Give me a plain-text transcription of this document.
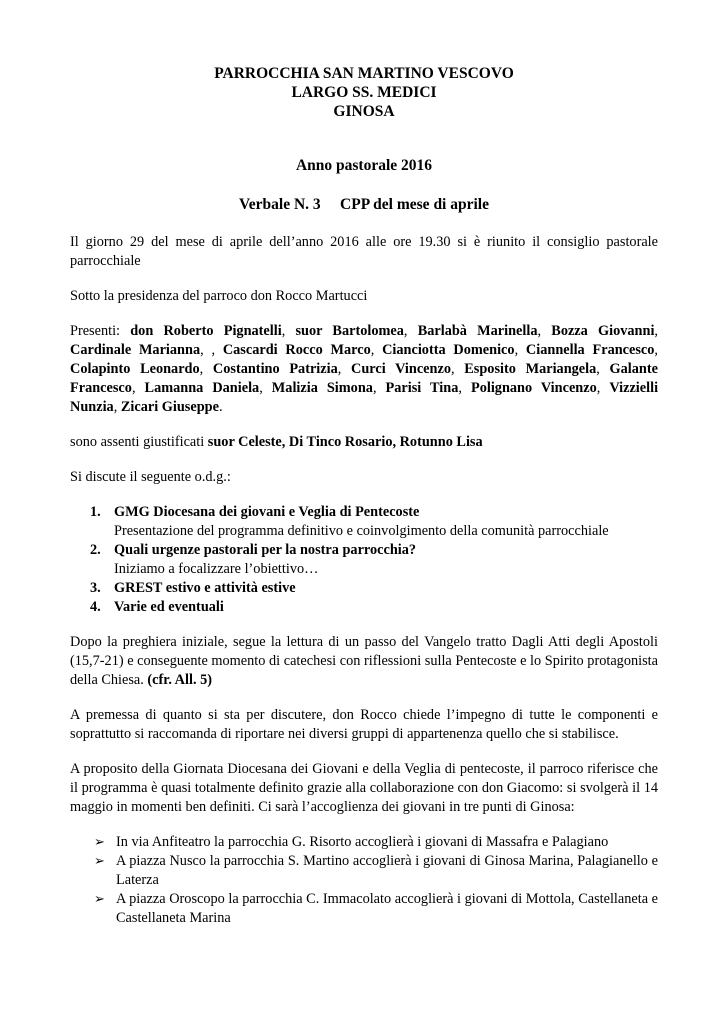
PARROCCHIA SAN MARTINO VESCOVO

LARGO SS. MEDICI

GINOSA

Anno pastorale 2016

Verbale N. 3     CPP del mese di aprile

Il giorno 29 del mese di aprile dell’anno 2016 alle ore 19.30 si è riunito il consiglio pastorale parrocchiale

Sotto la presidenza del parroco don Rocco Martucci

Presenti: don Roberto Pignatelli, suor Bartolomea, Barlabà Marinella, Bozza Giovanni, Cardinale Marianna, , Cascardi Rocco Marco, Cianciotta Domenico, Ciannella Francesco, Colapinto Leonardo, Costantino Patrizia, Curci Vincenzo, Esposito Mariangela, Galante Francesco, Lamanna Daniela, Malizia Simona, Parisi Tina, Polignano Vincenzo, Vizzielli Nunzia, Zicari Giuseppe.

sono assenti giustificati suor Celeste, Di Tinco Rosario, Rotunno Lisa

Si discute il seguente o.d.g.:

1. GMG Diocesana dei giovani e Veglia di Pentecoste
Presentazione del programma definitivo e coinvolgimento della comunità parrocchiale
2. Quali urgenze pastorali per la nostra parrocchia?
Iniziamo a focalizzare l’obiettivo…
3. GREST estivo e attività estive
4. Varie ed eventuali

Dopo la preghiera iniziale, segue la lettura di un passo del Vangelo tratto Dagli Atti degli Apostoli (15,7-21) e conseguente momento di catechesi con riflessioni sulla Pentecoste e lo Spirito protagonista della Chiesa. (cfr. All. 5)

A premessa di quanto si sta per discutere, don Rocco chiede l’impegno di tutte le componenti e soprattutto si raccomanda di riportare nei diversi gruppi di appartenenza quello che si stabilisce.

A proposito della Giornata Diocesana dei Giovani e della Veglia di pentecoste, il parroco riferisce che il programma è quasi totalmente definito grazie alla collaborazione con don Giacomo: si svolgerà il 14 maggio in momenti ben definiti. Ci sarà l’accoglienza dei giovani in tre punti di Ginosa:

➢ In via Anfiteatro la parrocchia G. Risorto accoglierà i giovani di Massafra e Palagiano
➢ A piazza Nusco la parrocchia S. Martino accoglierà i giovani di Ginosa Marina, Palagianello e Laterza
➢ A piazza Oroscopo la parrocchia C. Immacolato accoglierà i giovani di Mottola, Castellaneta e Castellaneta Marina
